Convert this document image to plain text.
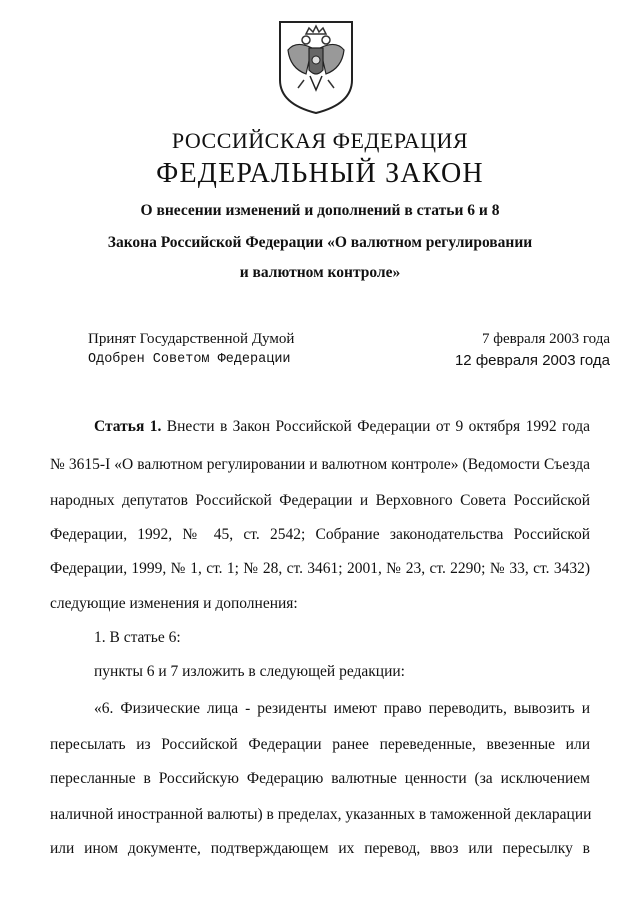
РОССИЙСКАЯ ФЕДЕРАЦИЯ
ФЕДЕРАЛЬНЫЙ ЗАКОН
О внесении изменений и дополнений в статьи 6 и 8
Закона Российской Федерации «О валютном регулировании
и валютном контроле»
Принят Государственной Думой	7 февраля 2003 года
Одобрен Советом Федерации	12 февраля 2003 года
Статья 1. Внести в Закон Российской Федерации от 9 октября 1992 года
№ 3615-I «О валютном регулировании и валютном контроле» (Ведомости Съезда
народных депутатов Российской Федерации и Верховного Совета Российской
Федерации, 1992, № 45, ст. 2542; Собрание законодательства Российской
Федерации, 1999, № 1, ст. 1; № 28, ст. 3461; 2001, № 23, ст. 2290; № 33, ст. 3432)
следующие изменения и дополнения:
1. В статье 6:
пункты 6 и 7 изложить в следующей редакции:
«6. Физические лица - резиденты имеют право переводить, вывозить и
пересылать из Российской Федерации ранее переведенные, ввезенные или
пересланные в Российскую Федерацию валютные ценности (за исключением
наличной иностранной валюты) в пределах, указанных в таможенной декларации
или ином документе, подтверждающем их перевод, ввоз или пересылку в
